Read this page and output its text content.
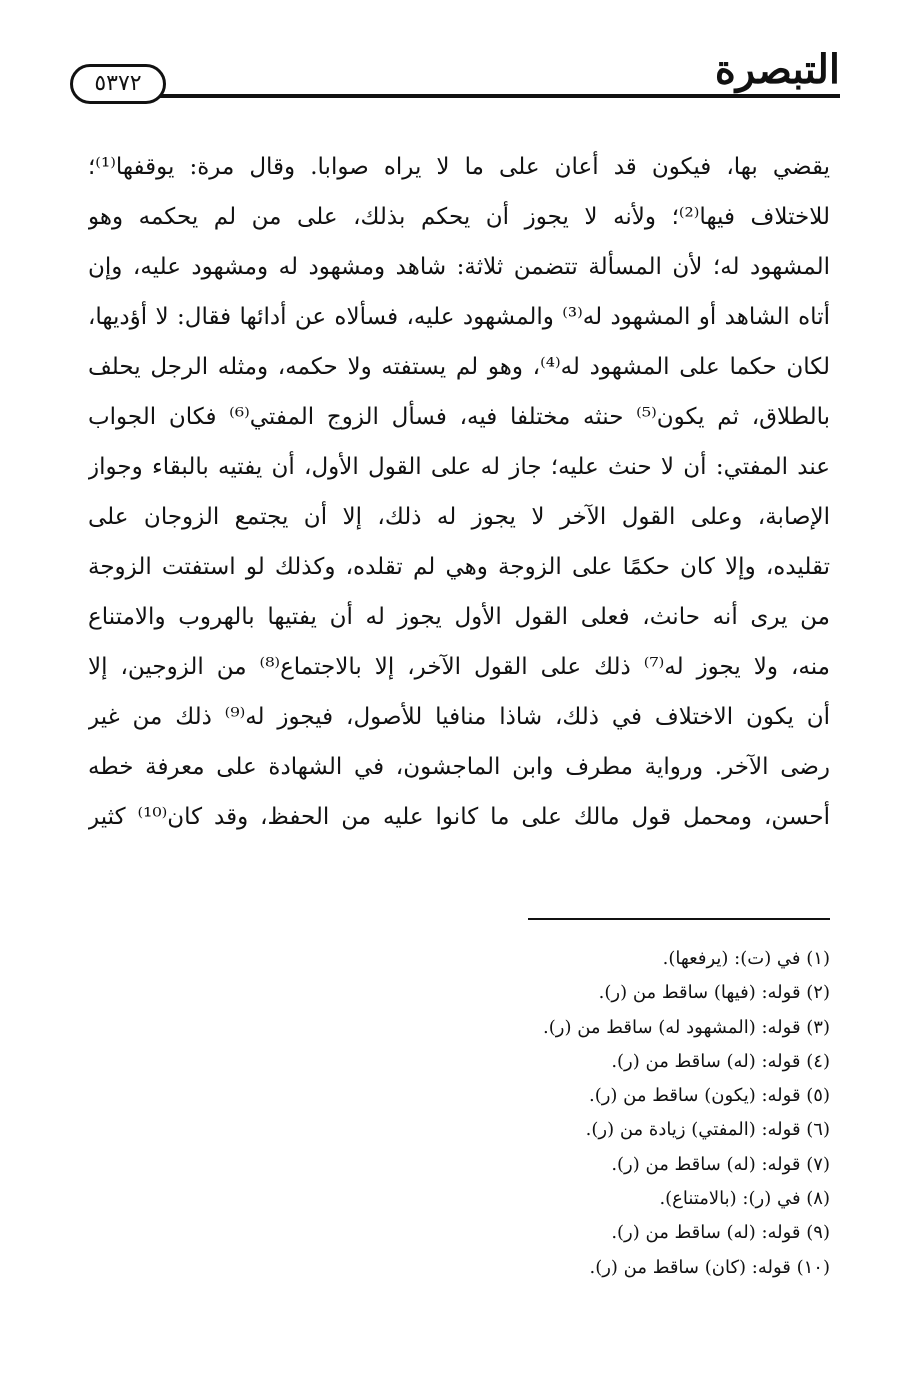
٥٣٧٢	التبصرة
يقضي بها، فيكون قد أعان على ما لا يراه صوابا. وقال مرة: يوقفها⁽¹⁾؛
للاختلاف فيها⁽²⁾؛ ولأنه لا يجوز أن يحكم بذلك، على من لم يحكمه وهو
المشهود له؛ لأن المسألة تتضمن ثلاثة: شاهد ومشهود له ومشهود عليه، وإن
أتاه الشاهد أو المشهود له⁽³⁾ والمشهود عليه، فسألاه عن أدائها فقال: لا أؤديها،
لكان حكما على المشهود له⁽⁴⁾، وهو لم يستفته ولا حكمه، ومثله الرجل يحلف
بالطلاق، ثم يكون⁽⁵⁾ حنثه مختلفا فيه، فسأل الزوج المفتي⁽⁶⁾ فكان الجواب
عند المفتي: أن لا حنث عليه؛ جاز له على القول الأول، أن يفتيه بالبقاء وجواز
الإصابة، وعلى القول الآخر لا يجوز له ذلك، إلا أن يجتمع الزوجان على
تقليده، وإلا كان حكمًا على الزوجة وهي لم تقلده، وكذلك لو استفتت الزوجة
من يرى أنه حانث، فعلى القول الأول يجوز له أن يفتيها بالهروب والامتناع
منه، ولا يجوز له⁽⁷⁾ ذلك على القول الآخر، إلا بالاجتماع⁽⁸⁾ من الزوجين، إلا
أن يكون الاختلاف في ذلك، شاذا منافيا للأصول، فيجوز له⁽⁹⁾ ذلك من غير
رضى الآخر. ورواية مطرف وابن الماجشون، في الشهادة على معرفة خطه
أحسن، ومحمل قول مالك على ما كانوا عليه من الحفظ، وقد كان⁽¹⁰⁾ كثير
(١) في (ت): (يرفعها).
(٢) قوله: (فيها) ساقط من (ر).
(٣) قوله: (المشهود له) ساقط من (ر).
(٤) قوله: (له) ساقط من (ر).
(٥) قوله: (يكون) ساقط من (ر).
(٦) قوله: (المفتي) زيادة من (ر).
(٧) قوله: (له) ساقط من (ر).
(٨) في (ر): (بالامتناع).
(٩) قوله: (له) ساقط من (ر).
(١٠) قوله: (كان) ساقط من (ر).
